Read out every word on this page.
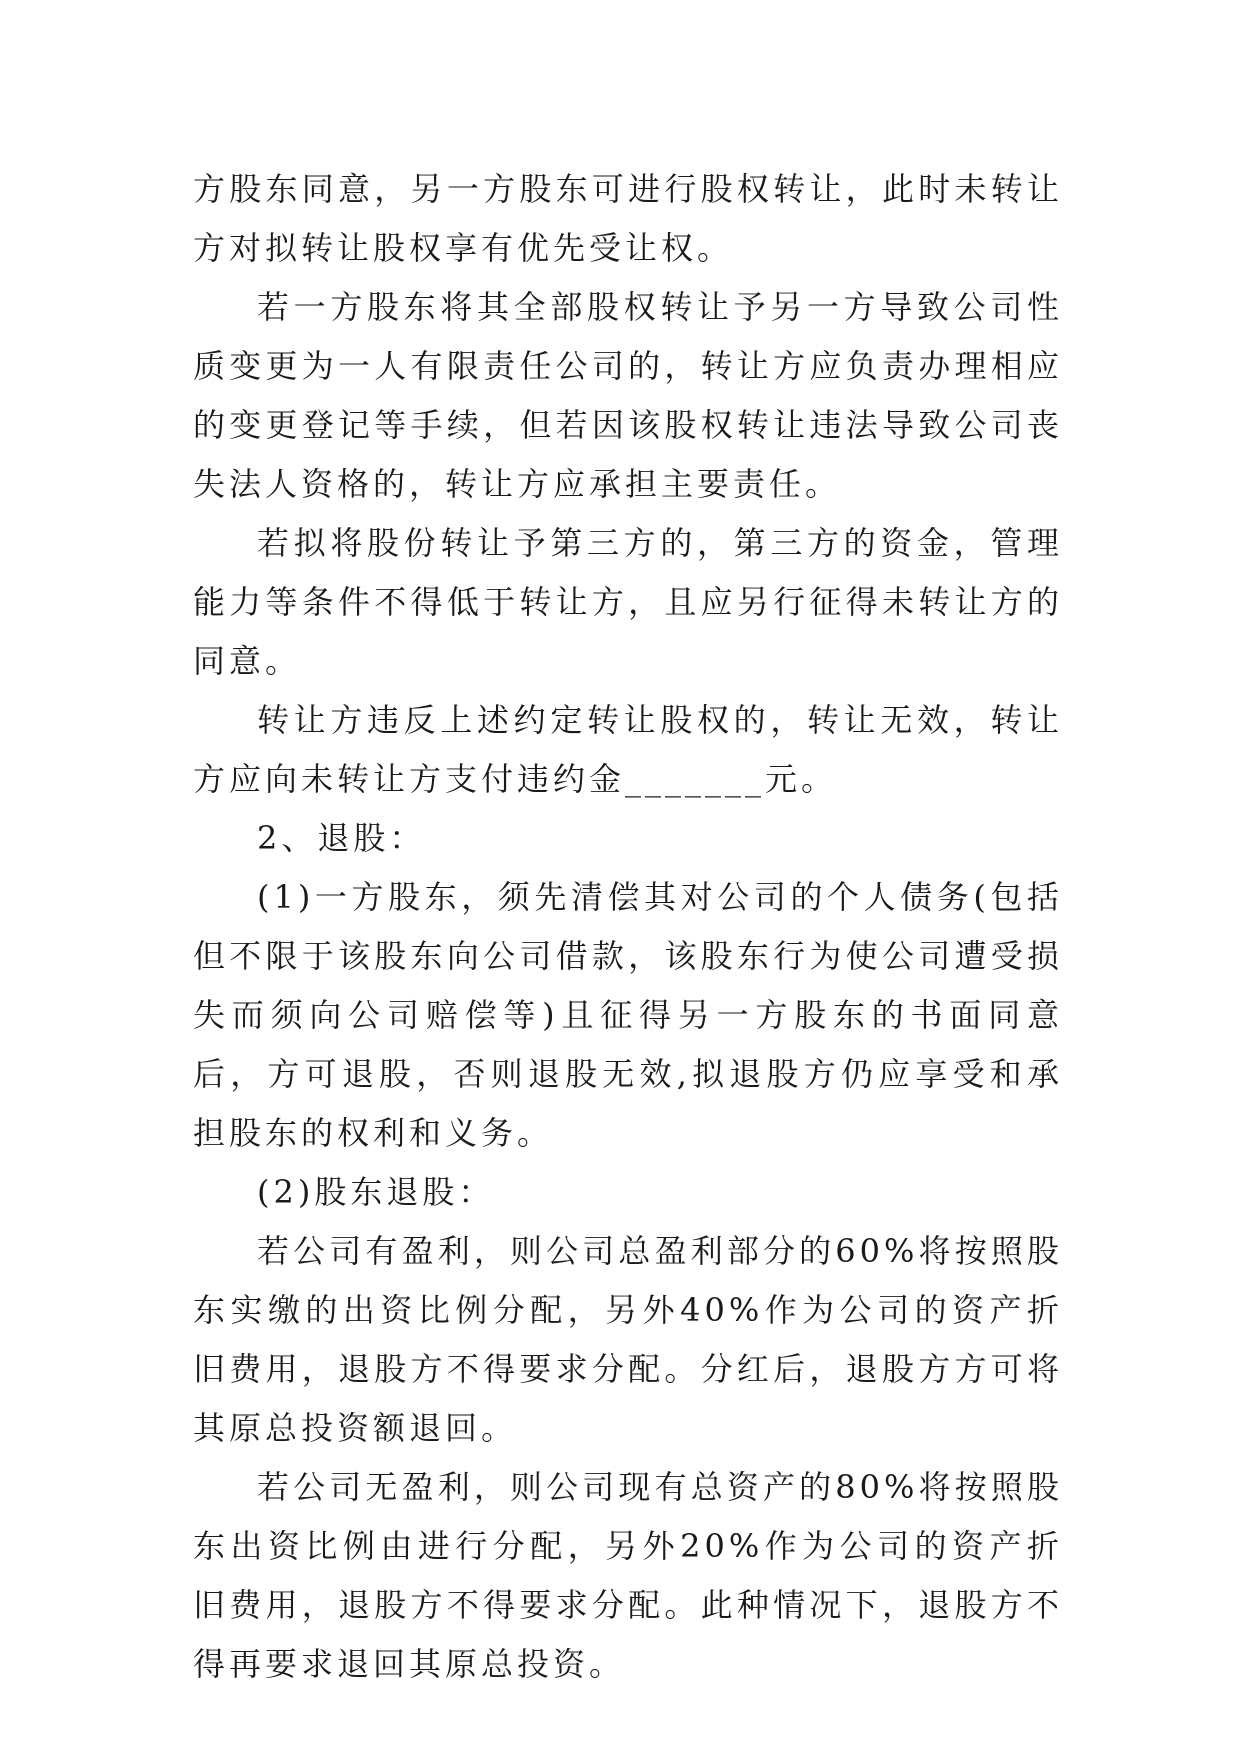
方股东同意，另一方股东可进行股权转让，此时未转让方对拟转让股权享有优先受让权。

若一方股东将其全部股权转让予另一方导致公司性质变更为一人有限责任公司的，转让方应负责办理相应的变更登记等手续，但若因该股权转让违法导致公司丧失法人资格的，转让方应承担主要责任。

若拟将股份转让予第三方的，第三方的资金，管理能力等条件不得低于转让方，且应另行征得未转让方的同意。

转让方违反上述约定转让股权的，转让无效，转让方应向未转让方支付违约金_______元。

2、退股：

(1)一方股东，须先清偿其对公司的个人债务(包括但不限于该股东向公司借款，该股东行为使公司遭受损失而须向公司赔偿等)且征得另一方股东的书面同意后，方可退股，否则退股无效,拟退股方仍应享受和承担股东的权利和义务。

(2)股东退股：

若公司有盈利，则公司总盈利部分的60%将按照股东实缴的出资比例分配，另外40%作为公司的资产折旧费用，退股方不得要求分配。分红后，退股方方可将其原总投资额退回。

若公司无盈利，则公司现有总资产的80%将按照股东出资比例由进行分配，另外20%作为公司的资产折旧费用，退股方不得要求分配。此种情况下，退股方不得再要求退回其原总投资。
